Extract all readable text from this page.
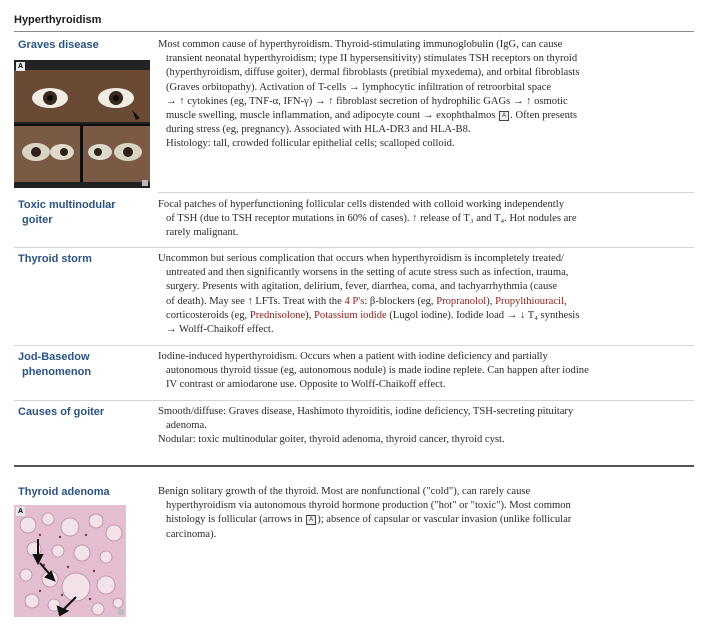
Hyperthyroidism
Graves disease
A
Most common cause of hyperthyroidism. Thyroid-stimulating immunoglobulin (IgG, can cause
transient neonatal hyperthyroidism; type II hypersensitivity) stimulates TSH receptors on thyroid
(hyperthyroidism, diffuse goiter), dermal fibroblasts (pretibial myxedema), and orbital fibroblasts
(Graves orbitopathy). Activation of T-cells → lymphocytic infiltration of retroorbital space
→ ↑ cytokines (eg, TNF-α, IFN-γ) → ↑ fibroblast secretion of hydrophilic GAGs → ↑ osmotic
muscle swelling, muscle inflammation, and adipocyte count → exophthalmos A . Often presents
during stress (eg, pregnancy). Associated with HLA-DR3 and HLA-B8.
Histology: tall, crowded follicular epithelial cells; scalloped colloid.
Toxic multinodular
goiter
Focal patches of hyperfunctioning follicular cells distended with colloid working independently
of TSH (due to TSH receptor mutations in 60% of cases). ↑ release of T₃ and T₄. Hot nodules are
rarely malignant.
Thyroid storm	Uncommon but serious complication that occurs when hyperthyroidism is incompletely treated/
untreated and then significantly worsens in the setting of acute stress such as infection, trauma,
surgery. Presents with agitation, delirium, fever, diarrhea, coma, and tachyarrhythmia (cause
of death). May see ↑ LFTs. Treat with the 4 P's: β-blockers (eg, Propranolol), Propylthiouracil,
corticosteroids (eg, Prednisolone), Potassium iodide (Lugol iodine). Iodide load → ↓ T₄ synthesis
→ Wolff-Chaikoff effect.
Jod-Basedow
phenomenon
Iodine-induced hyperthyroidism. Occurs when a patient with iodine deficiency and partially
autonomous thyroid tissue (eg, autonomous nodule) is made iodine replete. Can happen after iodine
IV contrast or amiodarone use. Opposite to Wolff-Chaikoff effect.
Causes of goiter	Smooth/diffuse: Graves disease, Hashimoto thyroiditis, iodine deficiency, TSH-secreting pituitary
adenoma.
Nodular: toxic multinodular goiter, thyroid adenoma, thyroid cancer, thyroid cyst.
Thyroid adenoma
A
Benign solitary growth of the thyroid. Most are nonfunctional ("cold"), can rarely cause
hyperthyroidism via autonomous thyroid hormone production ("hot" or "toxic"). Most common
histology is follicular (arrows in A ); absence of capsular or vascular invasion (unlike follicular
carcinoma).
